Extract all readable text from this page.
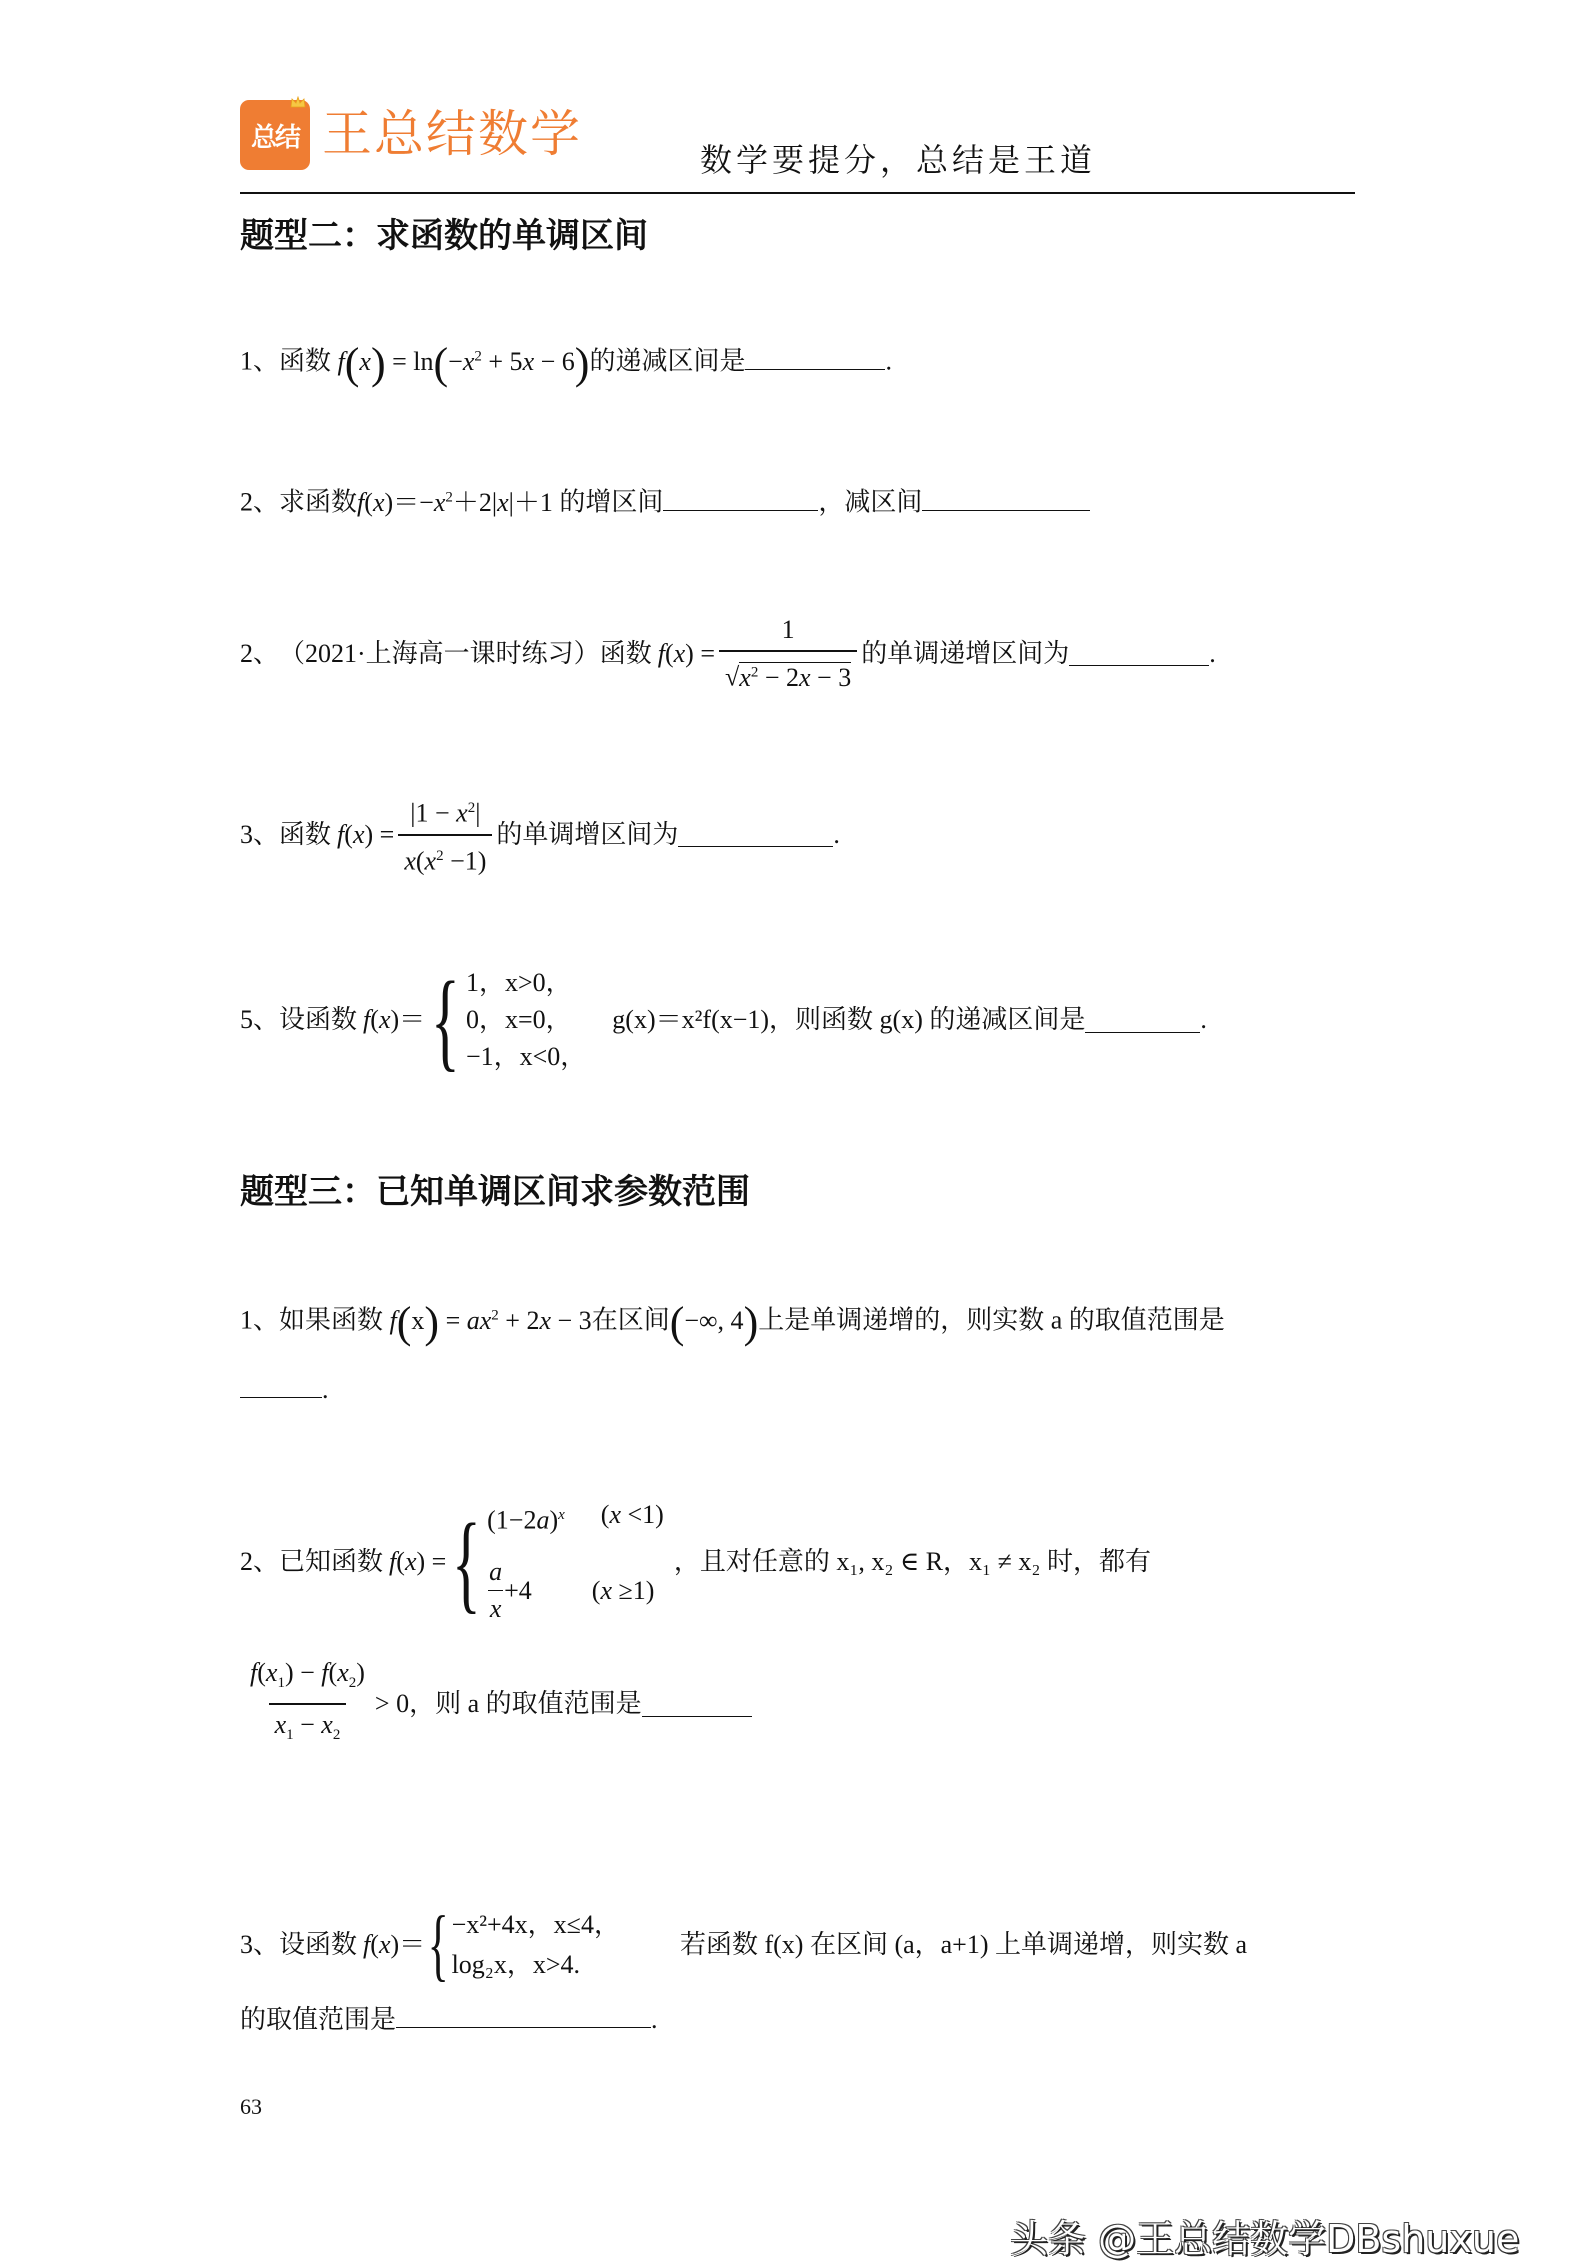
总结 王总结数学	数学要提分，总结是王道
题型二：求函数的单调区间
1、函数 $f(x) = \ln(-x^2 + 5x - 6)$的递减区间是	.
2、求函数$f(x)=-x^2+2|x|+1$ 的增区间	，减区间
2、 （2021·上海高一课时练习） 函数 $f(x) = \frac{1}{√x^2 - 2x - 3}$ 的单调递增区间为	.
3、 函数 $f(x) = \frac{|1 - x^2|}{x(x^2 -1)}$ 的单调增区间为	.
5、 设函数 f(x)＝ { 1，x>0，
0，x=0，
−1，x<0，
g(x)＝x²f(x−1)，则函数 g(x) 的递减区间是	.
题型三：已知单调区间求参数范围
1、如果函数 $f(x) = ax^2 + 2x - 3$在区间(−∞, 4)上是单调递增的，则实数 a 的取值范围是
.
2、 已知函数 f(x) = { $(1-2a)^x$ (x <1)
$\frac{a}{x} +4$ (x ≥1)
，且对任意的 x₁, x₂ ∈ R，x₁ ≠ x₂ 时，都有
$\frac{f(x_1) - f(x_2)}{x_1 - x_2} > 0$ ，则 a 的取值范围是
3、 设函数 f(x)＝ { −x²+4x，x≤4，
log₂x，x>4.
若函数 f(x) 在区间 (a，a+1) 上单调递增，则实数 a
的取值范围是	.
63
头条 @王总结数学DBshuxue
